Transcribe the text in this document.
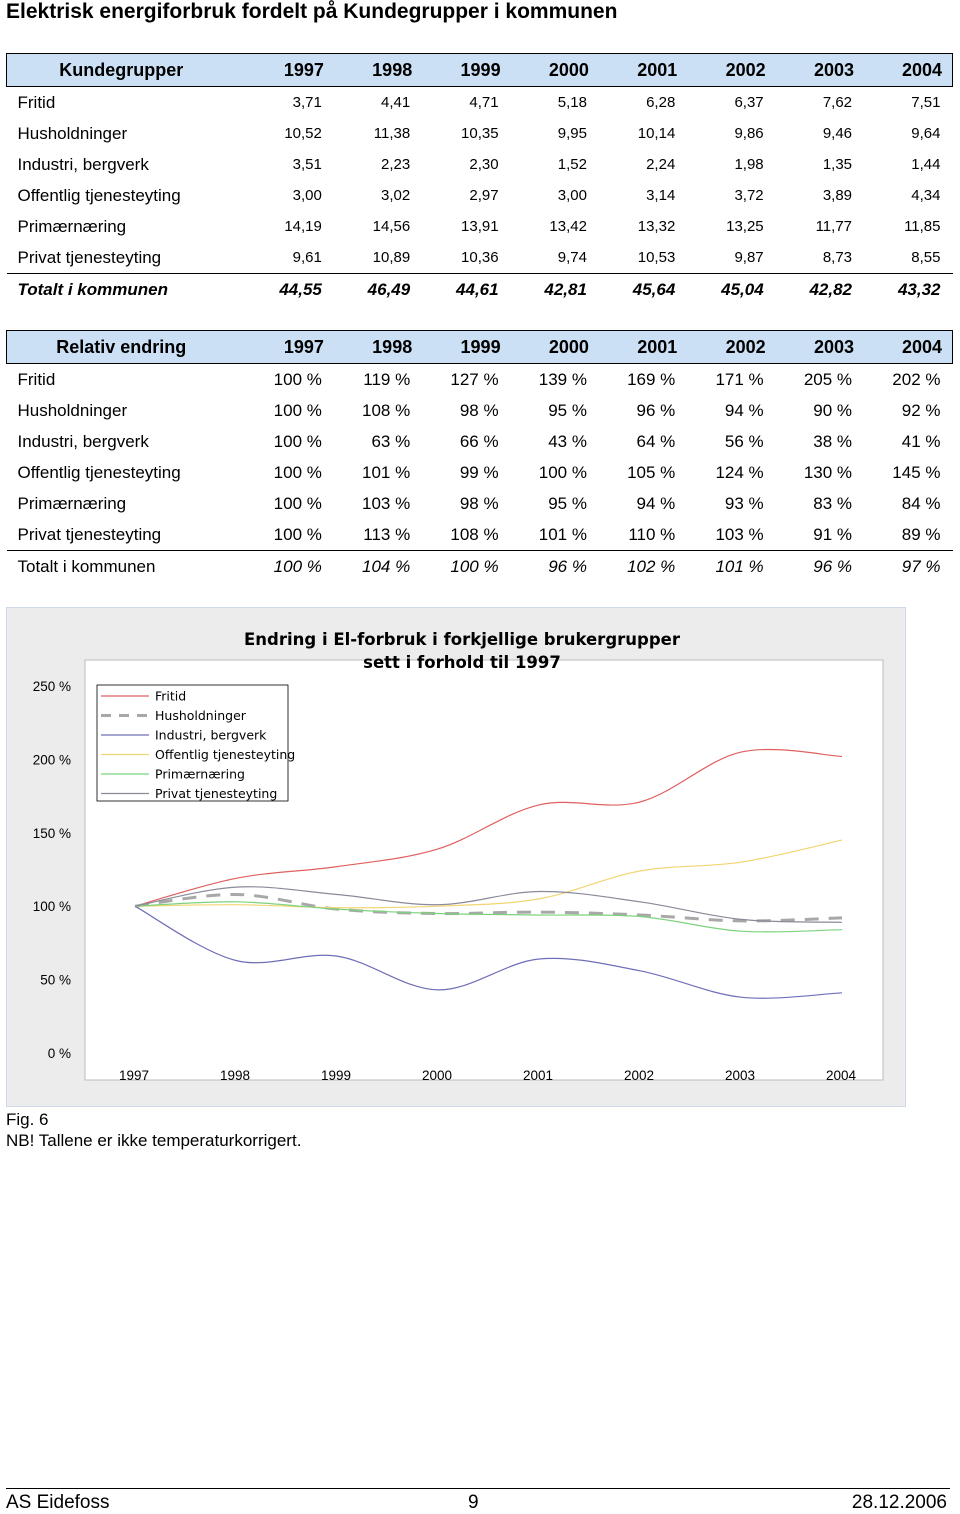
Elektrisk energiforbruk fordelt på Kundegrupper i kommunen
Kundegrupper	1997	1998	1999	2000	2001	2002	2003	2004
Fritid	3,71	4,41	4,71	5,18	6,28	6,37	7,62	7,51
Husholdninger	10,52	11,38	10,35	9,95	10,14	9,86	9,46	9,64
Industri, bergverk	3,51	2,23	2,30	1,52	2,24	1,98	1,35	1,44
Offentlig tjenesteyting	3,00	3,02	2,97	3,00	3,14	3,72	3,89	4,34
Primærnæring	14,19	14,56	13,91	13,42	13,32	13,25	11,77	11,85
Privat tjenesteyting	9,61	10,89	10,36	9,74	10,53	9,87	8,73	8,55
Totalt i kommunen	44,55	46,49	44,61	42,81	45,64	45,04	42,82	43,32
Relativ endring	1997	1998	1999	2000	2001	2002	2003	2004
Fritid	100 %	119 %	127 %	139 %	169 %	171 %	205 %	202 %
Husholdninger	100 %	108 %	98 %	95 %	96 %	94 %	90 %	92 %
Industri, bergverk	100 %	63 %	66 %	43 %	64 %	56 %	38 %	41 %
Offentlig tjenesteyting	100 %	101 %	99 %	100 %	105 %	124 %	130 %	145 %
Primærnæring	100 %	103 %	98 %	95 %	94 %	93 %	83 %	84 %
Privat tjenesteyting	100 %	113 %	108 %	101 %	110 %	103 %	91 %	89 %
Totalt i kommunen	100 %	104 %	100 %	96 %	102 %	101 %	96 %	97 %
0 %
50 %
100 %
150 %
200 %
250 %
1997	1998	1999	2000	2001	2002	2003	2004
Fritid
Husholdninger
Industri, bergverk
Offentlig tjenesteyting
Primærnæring
Privat tjenesteyting
Endring i El-forbruk i forkjellige brukergrupper
sett i forhold til 1997
Fig. 6
NB! Tallene er ikke temperaturkorrigert.
AS Eidefoss	9	28.12.2006
